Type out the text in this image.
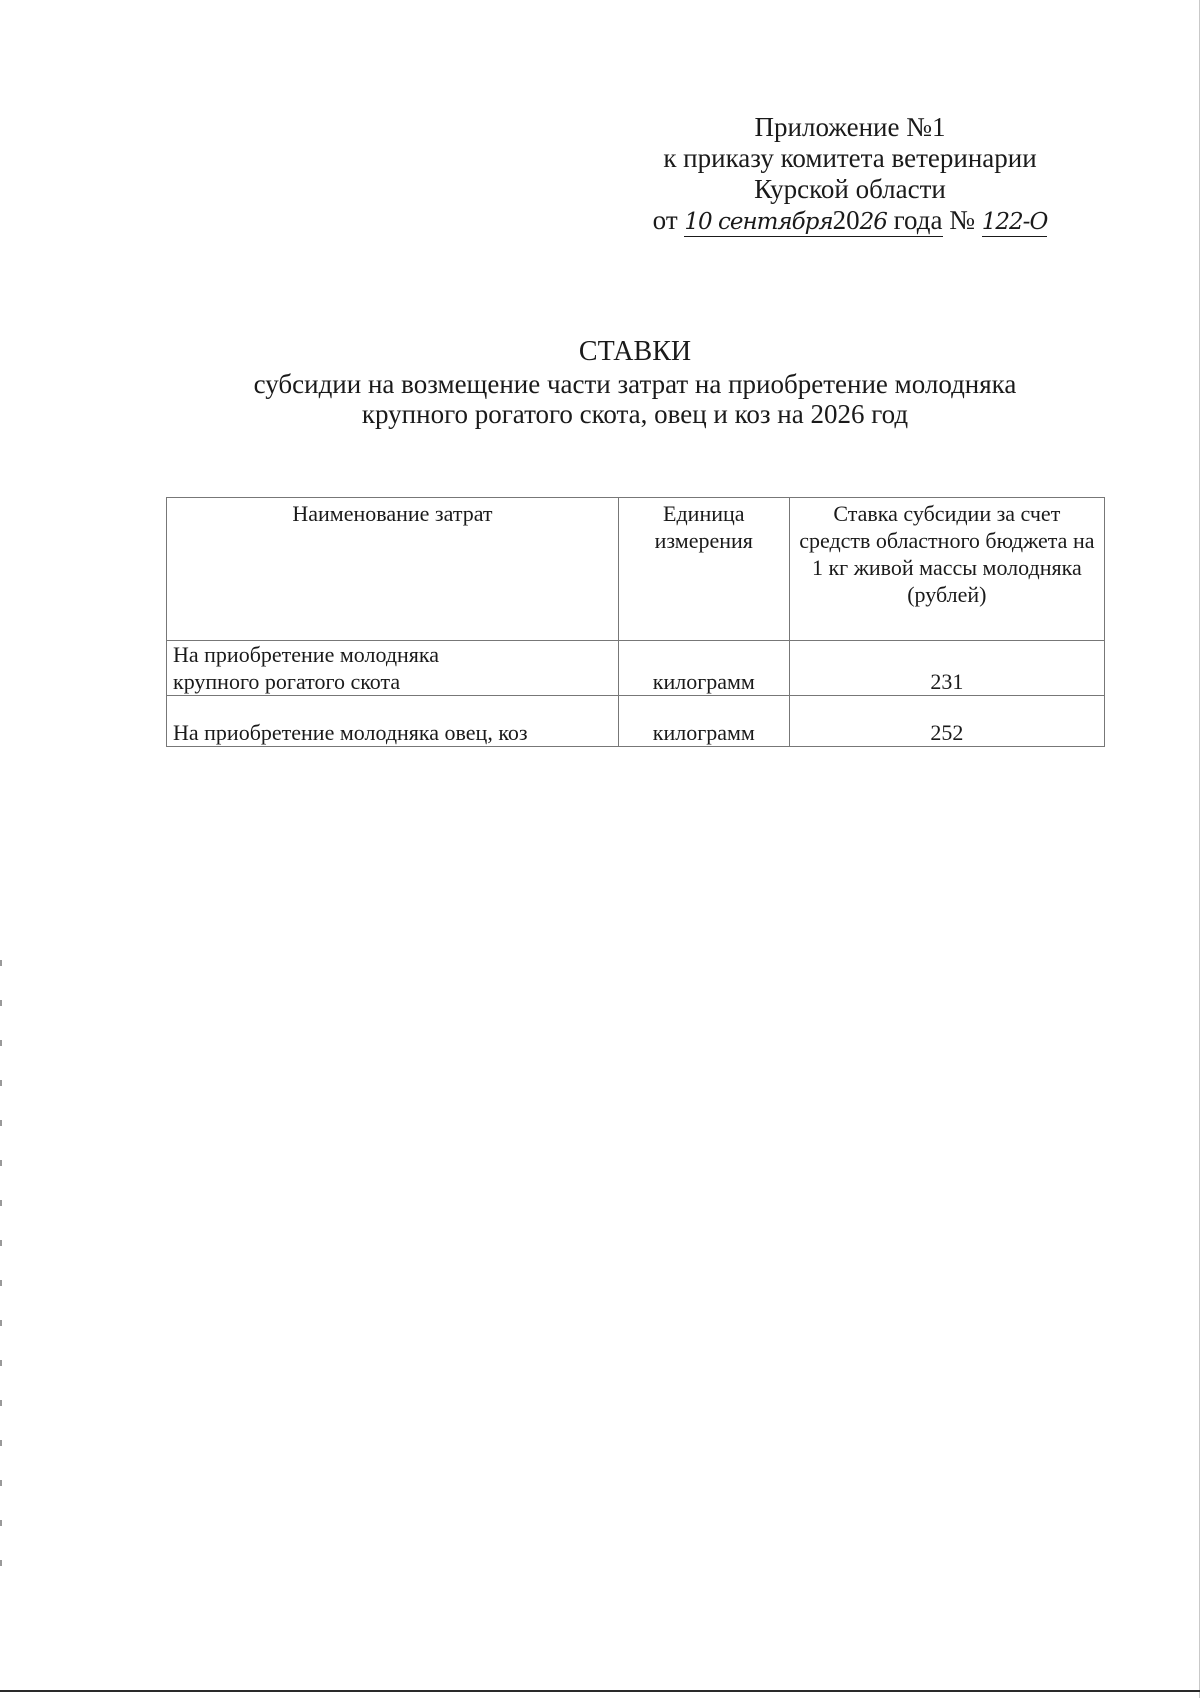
Приложение №1
к приказу комитета ветеринарии
Курской области
от 10 сентября2026 года № 122-О
СТАВКИ
субсидии на возмещение части затрат на приобретение молодняка
крупного рогатого скота, овец и коз на 2026 год
Наименование затрат	Единица измерения	Ставка субсидии за счет средств областного бюджета на 1 кг живой массы молодняка (рублей)

На приобретение молодняка
крупного рогатого скота	килограмм	231
На приобретение молодняка овец, коз	килограмм	252
